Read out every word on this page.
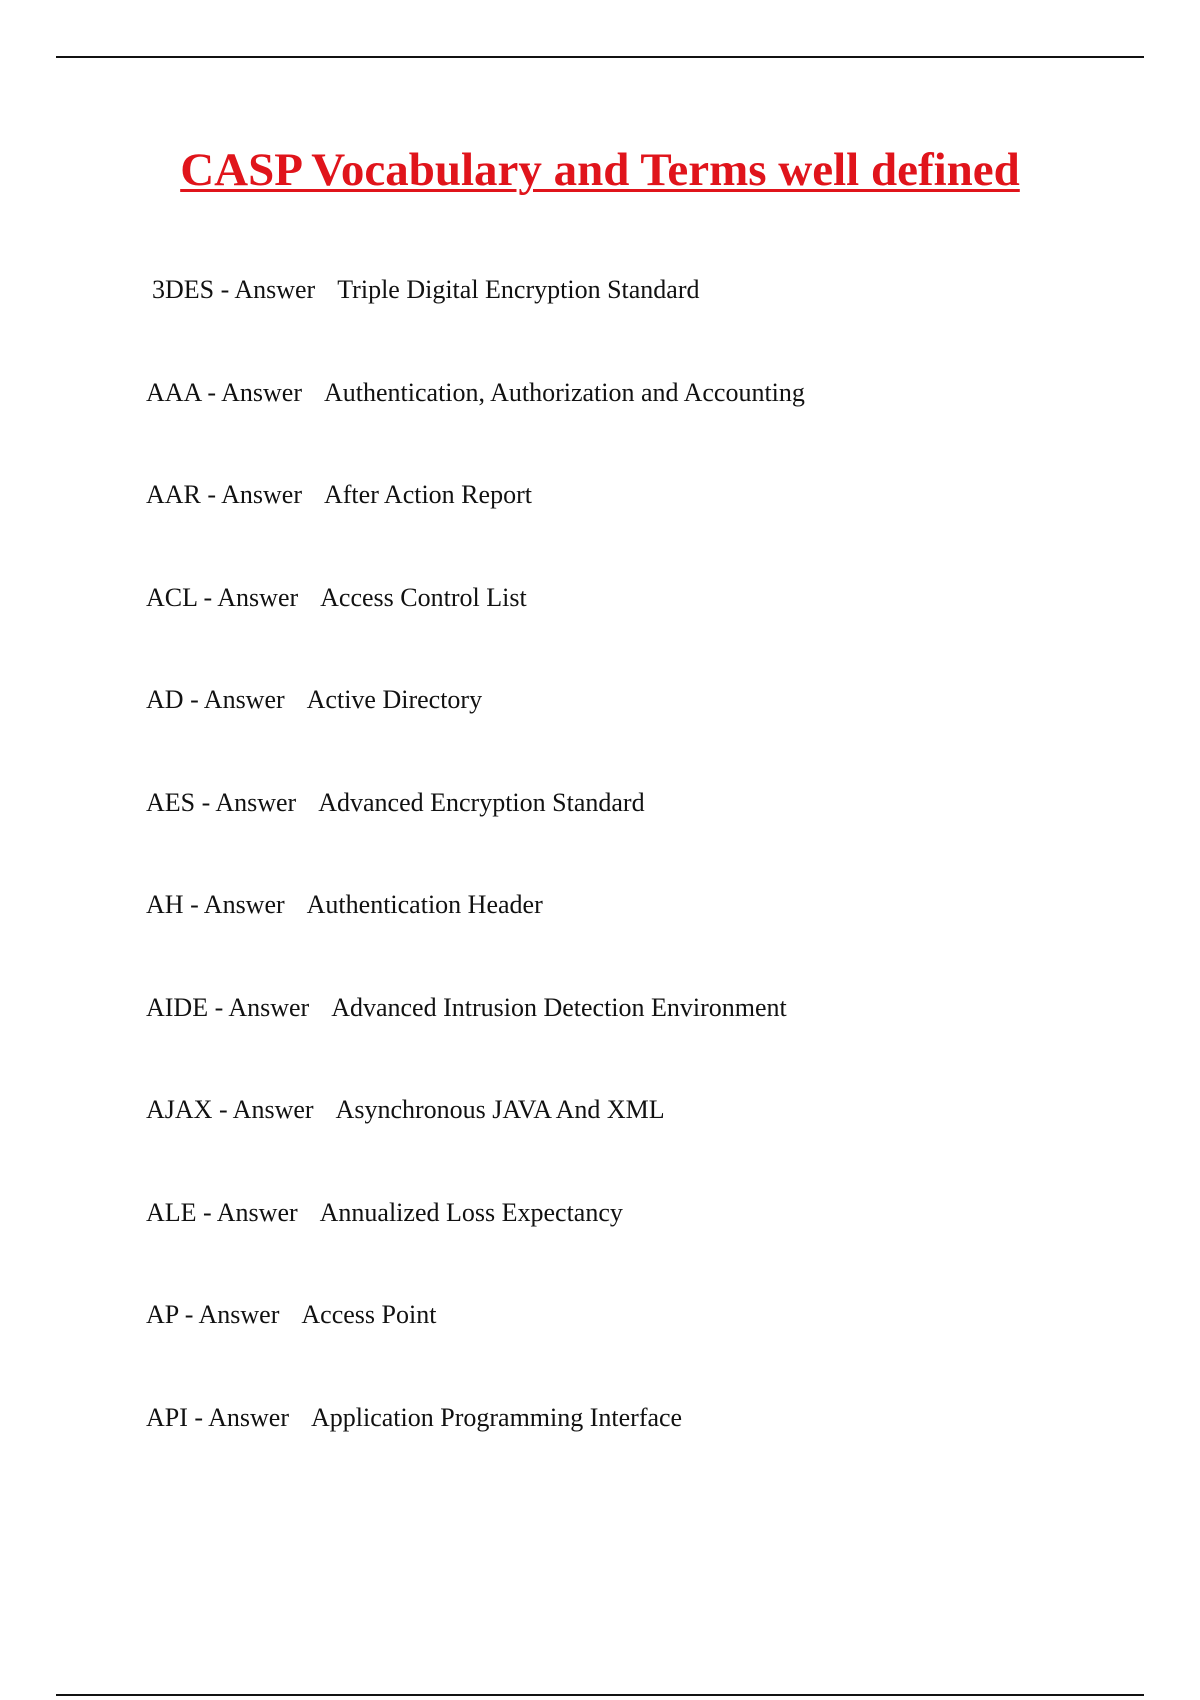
CASP Vocabulary and Terms well defined
3DES - Answer Triple Digital Encryption Standard
AAA - Answer Authentication, Authorization and Accounting
AAR - Answer After Action Report
ACL - Answer Access Control List
AD - Answer Active Directory
AES - Answer Advanced Encryption Standard
AH - Answer Authentication Header
AIDE - Answer Advanced Intrusion Detection Environment
AJAX - Answer Asynchronous JAVA And XML
ALE - Answer Annualized Loss Expectancy
AP - Answer Access Point
API - Answer Application Programming Interface
